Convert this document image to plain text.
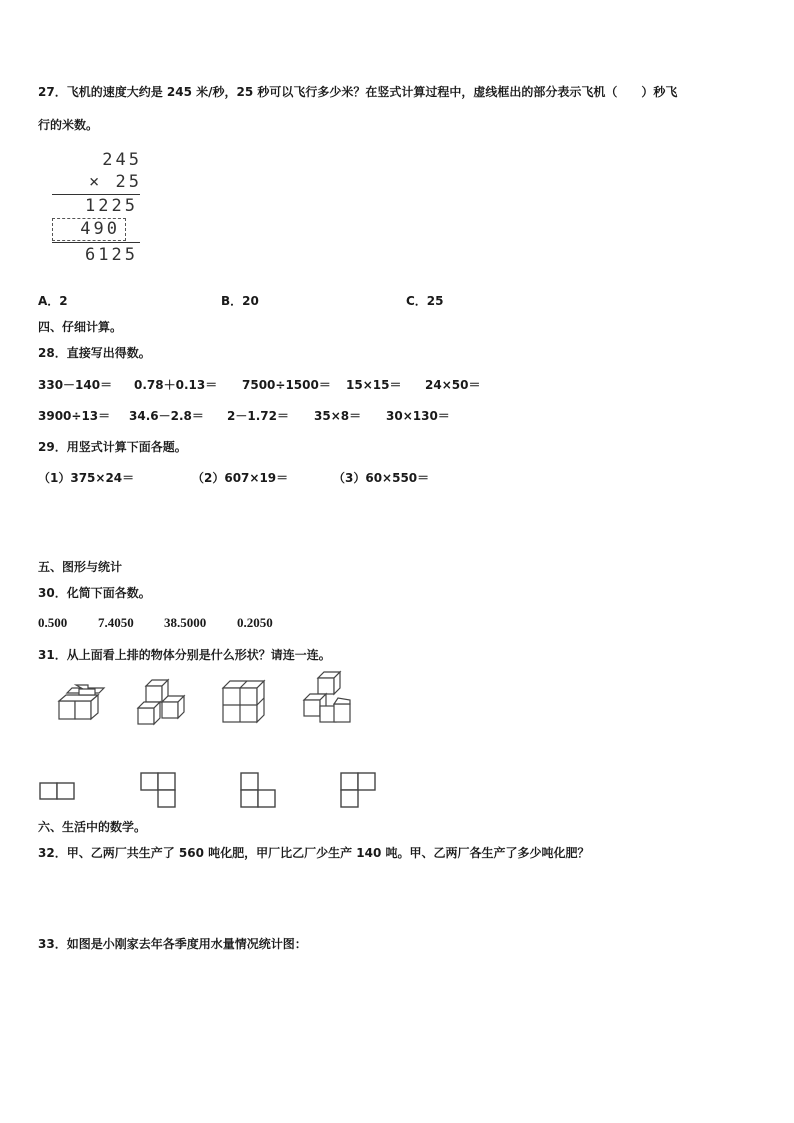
27．飞机的速度大约是 245 米/秒，25 秒可以飞行多少米？在竖式计算过程中，虚线框出的部分表示飞机（　　）秒飞
行的米数。
245
× 25
1225
490
6125
A．2	B．20	C．25
四、仔细计算。
28．直接写出得数。
330－140＝ 0.78＋0.13＝ 7500÷1500＝ 15×15＝ 24×50＝
3900÷13＝ 34.6－2.8＝ 2－1.72＝ 35×8＝ 30×130＝
29．用竖式计算下面各题。
（1）375×24＝	（2）607×19＝	（3）60×550＝
五、图形与统计
30．化简下面各数。
0.500 7.4050 38.5000 0.2050
31．从上面看上排的物体分别是什么形状？请连一连。
六、生活中的数学。
32．甲、乙两厂共生产了 560 吨化肥，甲厂比乙厂少生产 140 吨。甲、乙两厂各生产了多少吨化肥？
33．如图是小刚家去年各季度用水量情况统计图：
